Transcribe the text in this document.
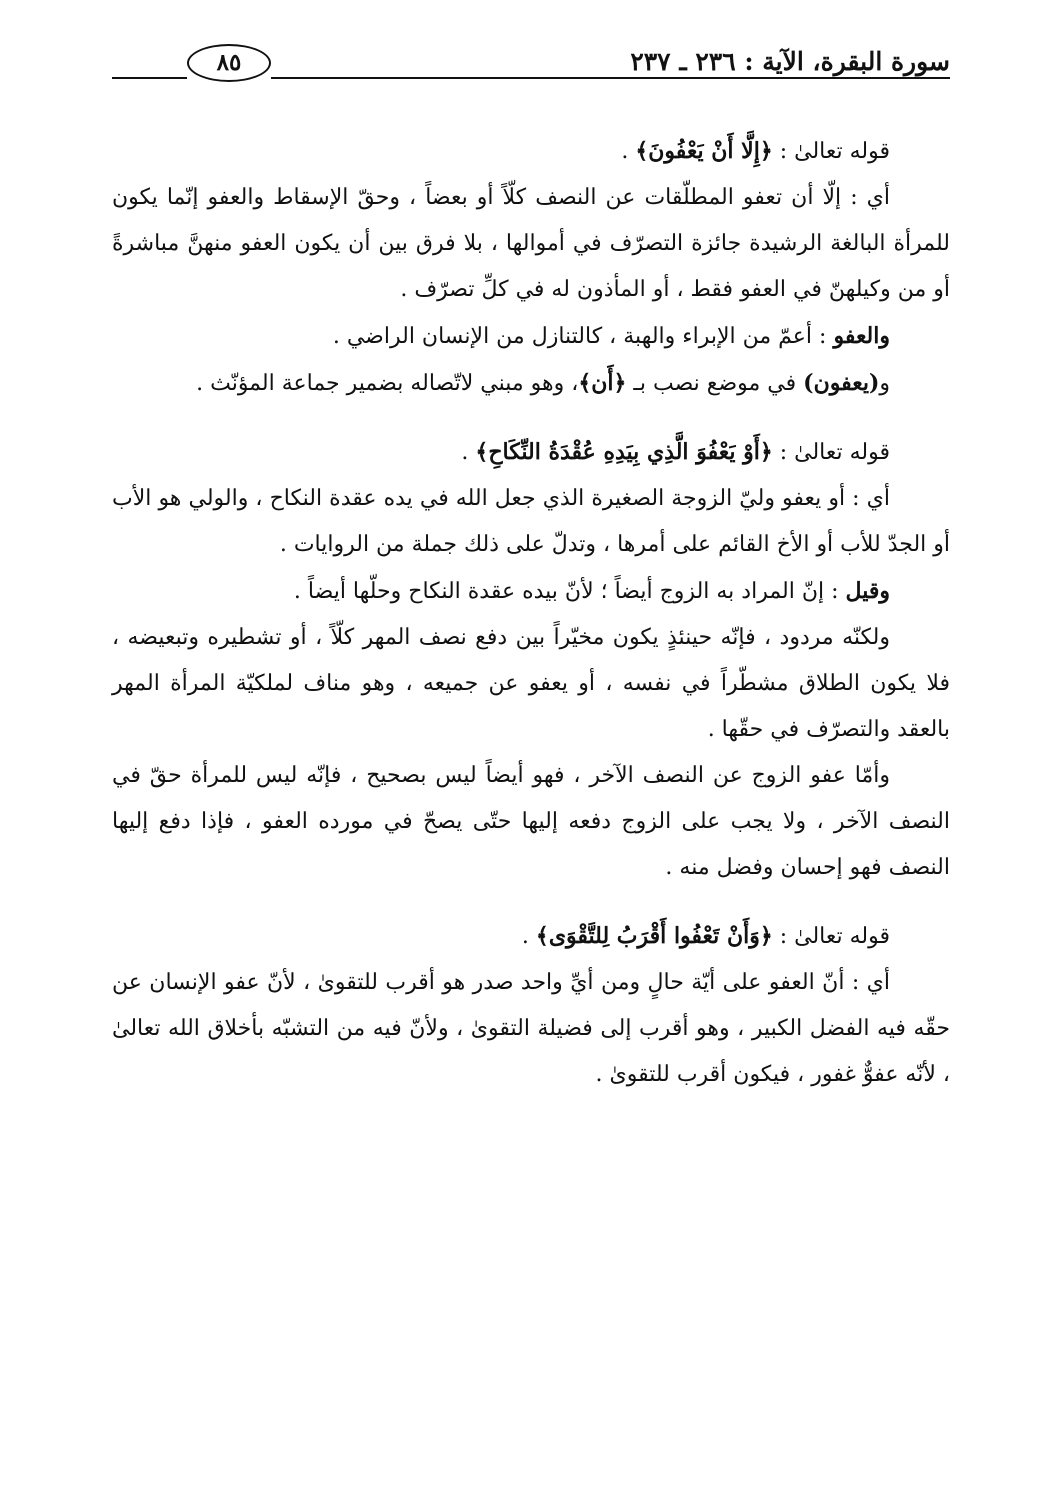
سورة البقرة، الآية : ٢٣٦ ـ ٢٣٧
٨٥

قوله تعالىٰ : ﴿إِلَّا أَنْ يَعْفُونَ﴾ .

أي : إلّا أن تعفو المطلّقات عن النصف كلّاً أو بعضاً ، وحقّ الإسقاط والعفو إنّما يكون للمرأة البالغة الرشيدة جائزة التصرّف في أموالها ، بلا فرق بين أن يكون العفو منهنَّ مباشرةً أو من وكيلهنّ في العفو فقط ، أو المأذون له في كلِّ تصرّف .

والعفو : أعمّ من الإبراء والهبة ، كالتنازل من الإنسان الراضي .

و(يعفون) في موضع نصب بـ ﴿أَن﴾، وهو مبني لاتّصاله بضمير جماعة المؤنّث .

قوله تعالىٰ : ﴿أَوْ يَعْفُوَ الَّذِي بِيَدِهِ عُقْدَةُ النِّكَاحِ﴾ .

أي : أو يعفو وليّ الزوجة الصغيرة الذي جعل الله في يده عقدة النكاح ، والولي هو الأب أو الجدّ للأب أو الأخ القائم على أمرها ، وتدلّ على ذلك جملة من الروايات .

وقيل : إنّ المراد به الزوج أيضاً ؛ لأنّ بيده عقدة النكاح وحلّها أيضاً .

ولكنّه مردود ، فإنّه حينئذٍ يكون مخيّراً بين دفع نصف المهر كلّاً ، أو تشطيره وتبعيضه ، فلا يكون الطلاق مشطّراً في نفسه ، أو يعفو عن جميعه ، وهو مناف لملكيّة المرأة المهر بالعقد والتصرّف في حقّها .

وأمّا عفو الزوج عن النصف الآخر ، فهو أيضاً ليس بصحيح ، فإنّه ليس للمرأة حقّ في النصف الآخر ، ولا يجب على الزوج دفعه إليها حتّى يصحّ في مورده العفو ، فإذا دفع إليها النصف فهو إحسان وفضل منه .

قوله تعالىٰ : ﴿وَأَنْ تَعْفُوا أَقْرَبُ لِلتَّقْوَى﴾ .

أي : أنّ العفو على أيّة حالٍ ومن أيِّ واحد صدر هو أقرب للتقوىٰ ، لأنّ عفو الإنسان عن حقّه فيه الفضل الكبير ، وهو أقرب إلى فضيلة التقوىٰ ، ولأنّ فيه من التشبّه بأخلاق الله تعالىٰ ، لأنّه عفوٌّ غفور ، فيكون أقرب للتقوىٰ .
